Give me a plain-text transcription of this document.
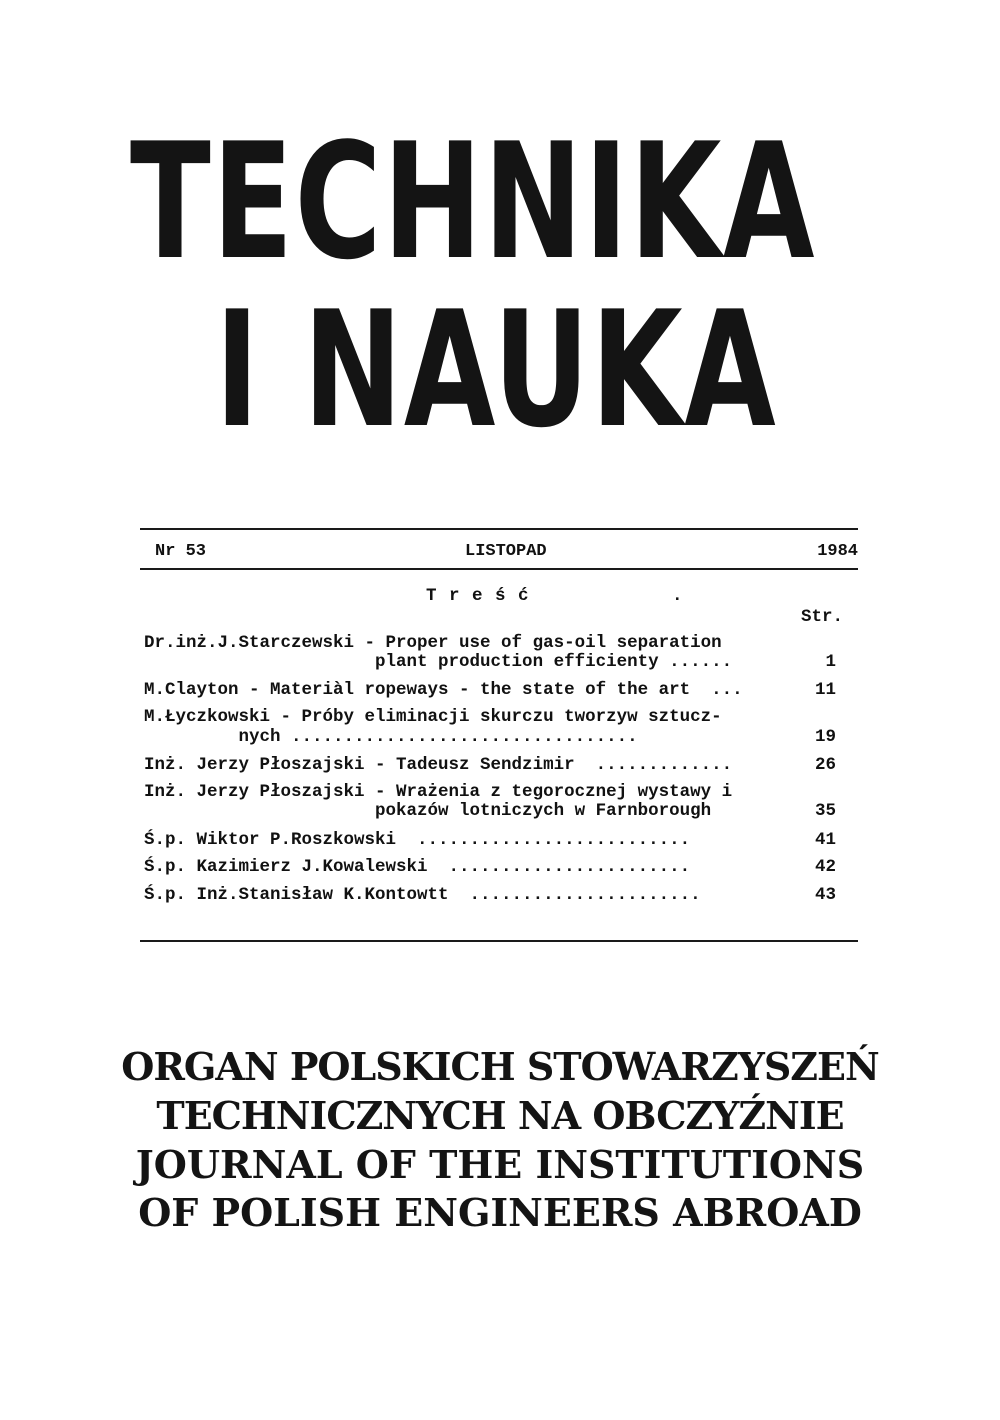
TECHNIKA
I NAUKA
Nr 53	LISTOPAD	1984
T r e ś ć	.
Str.
Dr.inż.J.Starczewski - Proper use of gas-oil separation
plant production efficienty ......	1
M.Clayton - Materiàl ropeways - the state of the art  ...	11
M.Łyczkowski - Próby eliminacji skurczu tworzyw sztucz-
nych .................................	19
Inż. Jerzy Płoszajski - Tadeusz Sendzimir  .............	26
Inż. Jerzy Płoszajski - Wrażenia z tegorocznej wystawy i
pokazów lotniczych w Farnborough	35
Ś.p. Wiktor P.Roszkowski  ..........................	41
Ś.p. Kazimierz J.Kowalewski  .......................	42
Ś.p. Inż.Stanisław K.Kontowtt  ......................	43
ORGAN POLSKICH STOWARZYSZEŃ
TECHNICZNYCH NA OBCZYŹNIE
JOURNAL OF THE INSTITUTIONS
OF POLISH ENGINEERS ABROAD
